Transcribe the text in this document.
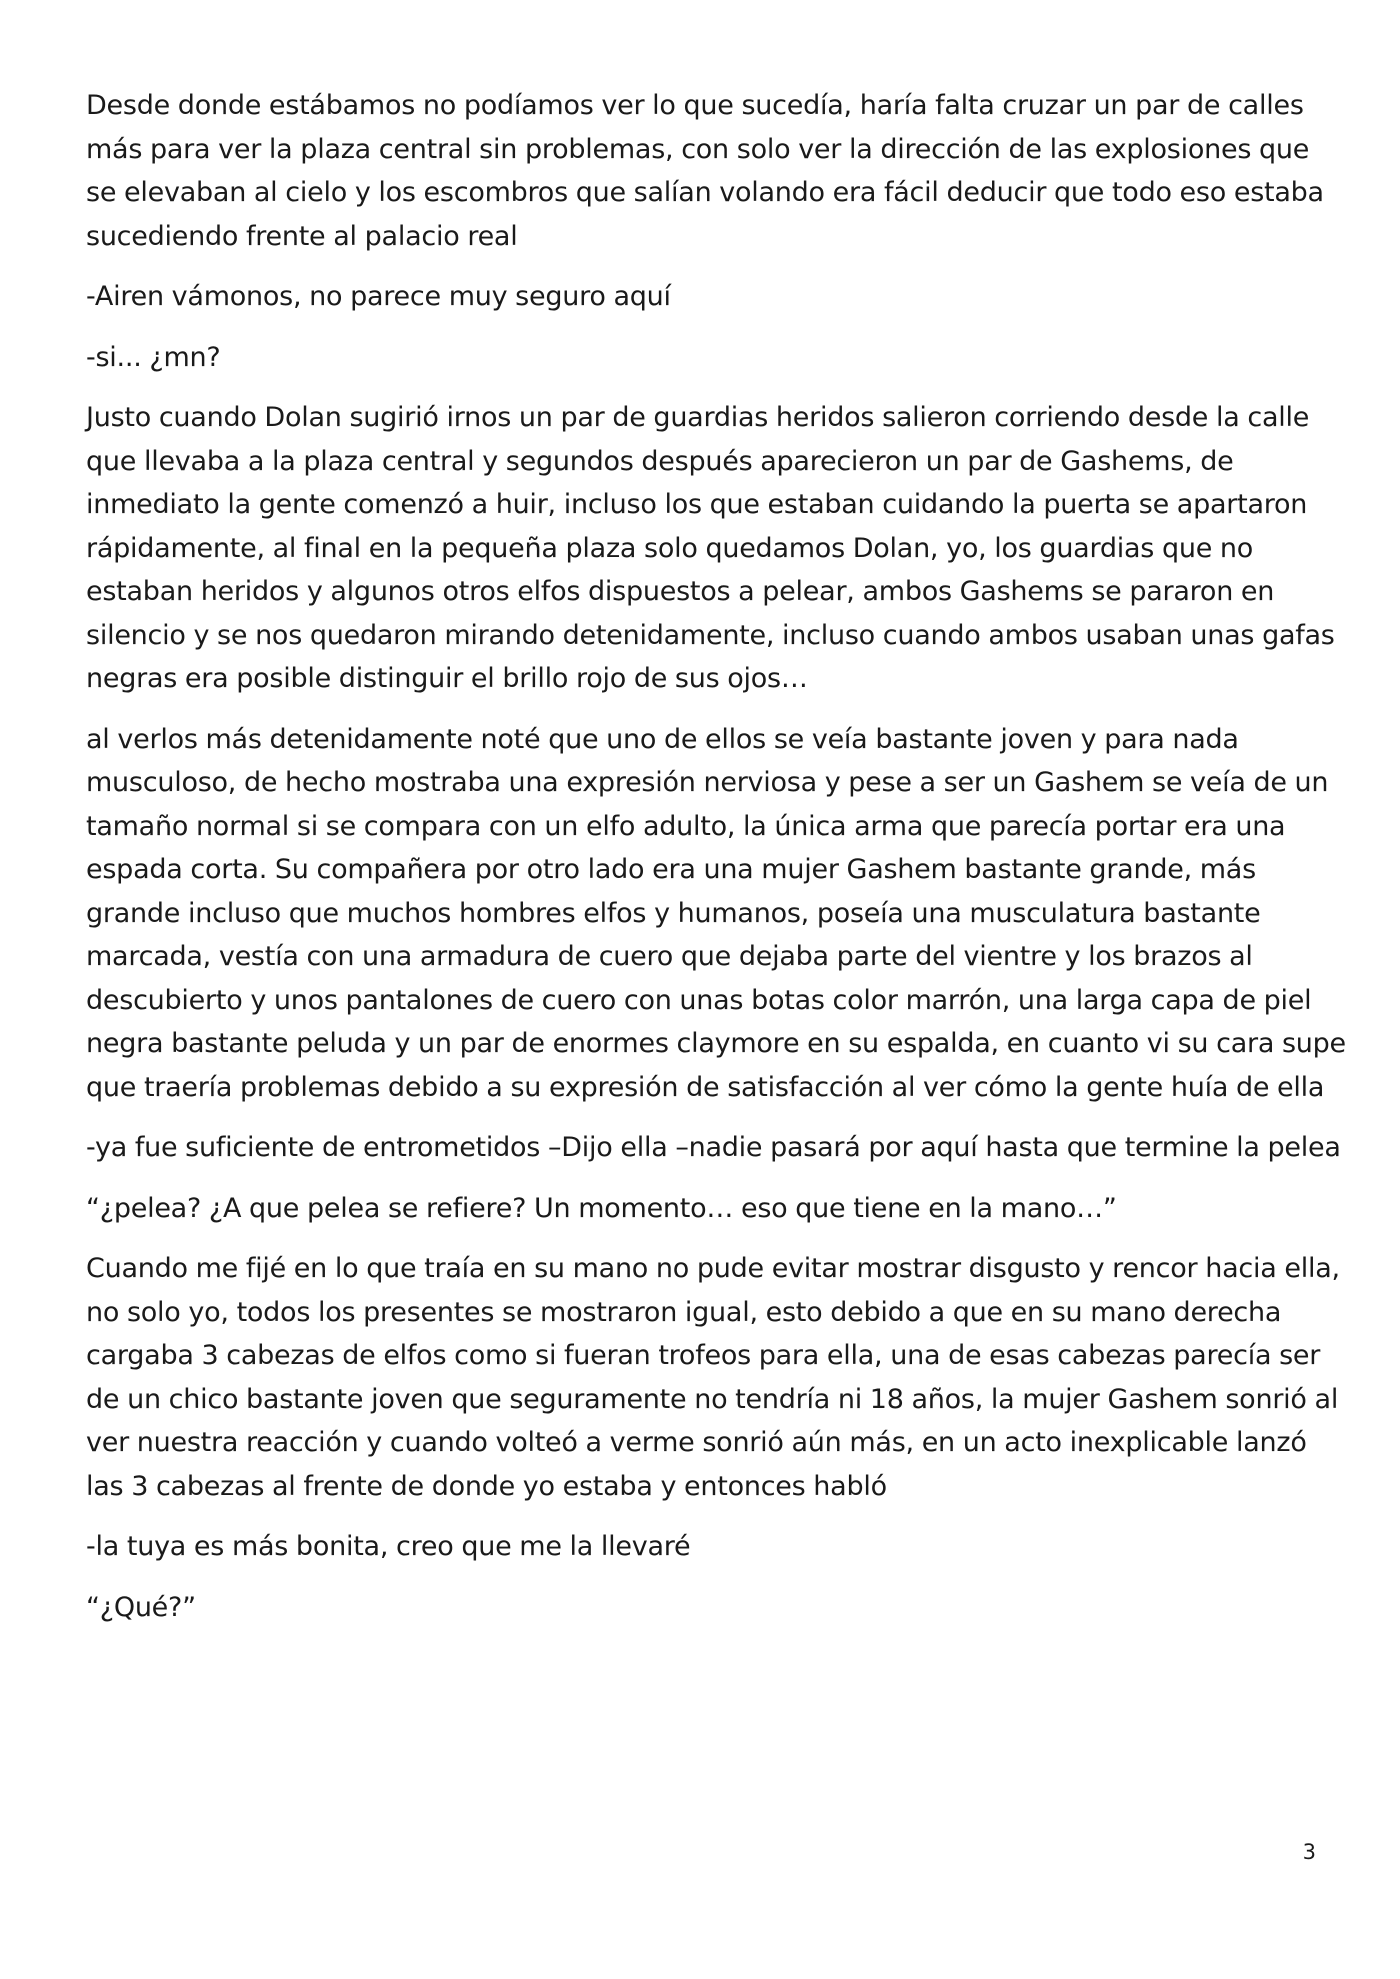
Desde donde estábamos no podíamos ver lo que sucedía, haría falta cruzar un par de calles más para ver la plaza central sin problemas, con solo ver la dirección de las explosiones que se elevaban al cielo y los escombros que salían volando era fácil deducir que todo eso estaba sucediendo frente al palacio real

-Airen vámonos, no parece muy seguro aquí

-si... ¿mn?

Justo cuando Dolan sugirió irnos un par de guardias heridos salieron corriendo desde la calle que llevaba a la plaza central y segundos después aparecieron un par de Gashems, de inmediato la gente comenzó a huir, incluso los que estaban cuidando la puerta se apartaron rápidamente, al final en la pequeña plaza solo quedamos Dolan, yo, los guardias que no estaban heridos y algunos otros elfos dispuestos a pelear, ambos Gashems se pararon en silencio y se nos quedaron mirando detenidamente, incluso cuando ambos usaban unas gafas negras era posible distinguir el brillo rojo de sus ojos…

al verlos más detenidamente noté que uno de ellos se veía bastante joven y para nada musculoso, de hecho mostraba una expresión nerviosa y pese a ser un Gashem se veía de un tamaño normal si se compara con un elfo adulto, la única arma que parecía portar era una espada corta. Su compañera por otro lado era una mujer Gashem bastante grande, más grande incluso que muchos hombres elfos y humanos, poseía una musculatura bastante marcada, vestía con una armadura de cuero que dejaba parte del vientre y los brazos al descubierto y unos pantalones de cuero con unas botas color marrón, una larga capa de piel negra bastante peluda y un par de enormes claymore en su espalda, en cuanto vi su cara supe que traería problemas debido a su expresión de satisfacción al ver cómo la gente huía de ella

-ya fue suficiente de entrometidos –Dijo ella –nadie pasará por aquí hasta que termine la pelea

“¿pelea? ¿A que pelea se refiere? Un momento… eso que tiene en la mano…”

Cuando me fijé en lo que traía en su mano no pude evitar mostrar disgusto y rencor hacia ella, no solo yo, todos los presentes se mostraron igual, esto debido a que en su mano derecha cargaba 3 cabezas de elfos como si fueran trofeos para ella, una de esas cabezas parecía ser de un chico bastante joven que seguramente no tendría ni 18 años, la mujer Gashem sonrió al ver nuestra reacción y cuando volteó a verme sonrió aún más, en un acto inexplicable lanzó las 3 cabezas al frente de donde yo estaba y entonces habló

-la tuya es más bonita, creo que me la llevaré

“¿Qué?”

3
